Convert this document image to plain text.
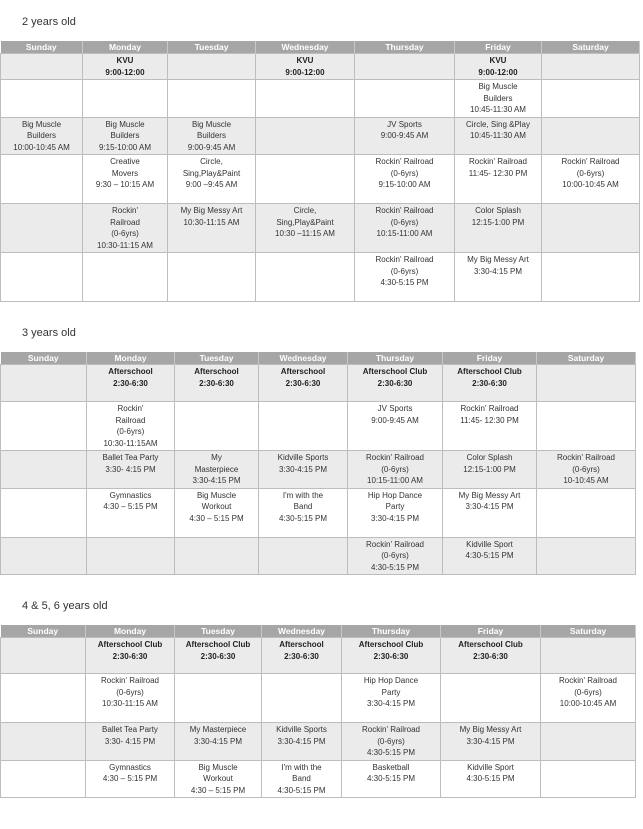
2 years old
Sunday	Monday	Tuesday	Wednesday	Thursday	Friday	Saturday

	KVU
9:00-12:00		KVU
9:00-12:00		KVU
9:00-12:00	

					Big Muscle
Builders
10:45-11:30 AM	

Big Muscle
Builders
10:00-10:45 AM	Big Muscle
Builders
9:15-10:00 AM	Big Muscle
Builders
9:00-9:45 AM		JV Sports
9:00-9:45 AM	Circle, Sing &Play
10:45-11:30 AM	

	Creative
Movers
9:30 – 10:15 AM	Circle,
Sing,Play&Paint
9:00 –9:45 AM		Rockin' Railroad
(0-6yrs)
9:15-10:00 AM	Rockin' Railroad
11:45- 12:30 PM	Rockin' Railroad
(0-6yrs)
10:00-10:45 AM

	Rockin'
Railroad
(0-6yrs)
10:30-11:15 AM	My Big Messy Art
10:30-11:15 AM	Circle,
Sing,Play&Paint
10:30 –11:15 AM	Rockin' Railroad
(0-6yrs)
10:15-11:00 AM	Color Splash
12:15-1:00 PM	

				Rockin' Railroad
(0-6yrs)
4:30-5:15 PM	My Big Messy Art
3:30-4:15 PM	

3 years old
Sunday	Monday	Tuesday	Wednesday	Thursday	Friday	Saturday

	Afterschool
2:30-6:30	Afterschool
2:30-6:30	Afterschool
2:30-6:30	Afterschool Club
2:30-6:30	Afterschool Club
2:30-6:30	

	Rockin'
Railroad
(0-6yrs)
10:30-11:15AM			JV Sports
9:00-9:45 AM	Rockin' Railroad
11:45- 12:30 PM	

	Ballet Tea Party
3:30- 4:15 PM	My
Masterpiece
3:30-4:15 PM	Kidville Sports
3:30-4:15 PM	Rockin' Railroad
(0-6yrs)
10:15-11:00 AM	Color Splash
12:15-1:00 PM	Rockin' Railroad
(0-6yrs)
10-10:45 AM

	Gymnastics
4:30 – 5:15 PM	Big Muscle
Workout
4:30 – 5:15 PM	I'm with the
Band
4:30-5:15 PM	Hip Hop Dance
Party
3:30-4:15 PM	My Big Messy Art
3:30-4:15 PM	

				Rockin' Railroad
(0-6yrs)
4:30-5:15 PM	Kidville Sport
4:30-5:15 PM	

4 & 5, 6 years old
Sunday	Monday	Tuesday	Wednesday	Thursday	Friday	Saturday

	Afterschool Club
2:30-6:30	Afterschool Club
2:30-6:30	Afterschool
2:30-6:30	Afterschool Club
2:30-6:30	Afterschool Club
2:30-6:30	

	Rockin' Railroad
(0-6yrs)
10:30-11:15 AM			Hip Hop Dance
Party
3:30-4:15 PM		Rockin' Railroad
(0-6yrs)
10:00-10:45 AM

	Ballet Tea Party
3:30- 4:15 PM	My Masterpiece
3:30-4:15 PM	Kidville Sports
3:30-4:15 PM	Rockin' Railroad
(0-6yrs)
4:30-5:15 PM	My Big Messy Art
3:30-4:15 PM	

	Gymnastics
4:30 – 5:15 PM	Big Muscle
Workout
4:30 – 5:15 PM	I'm with the
Band
4:30-5:15 PM	Basketball
4:30-5:15 PM	Kidville Sport
4:30-5:15 PM	
